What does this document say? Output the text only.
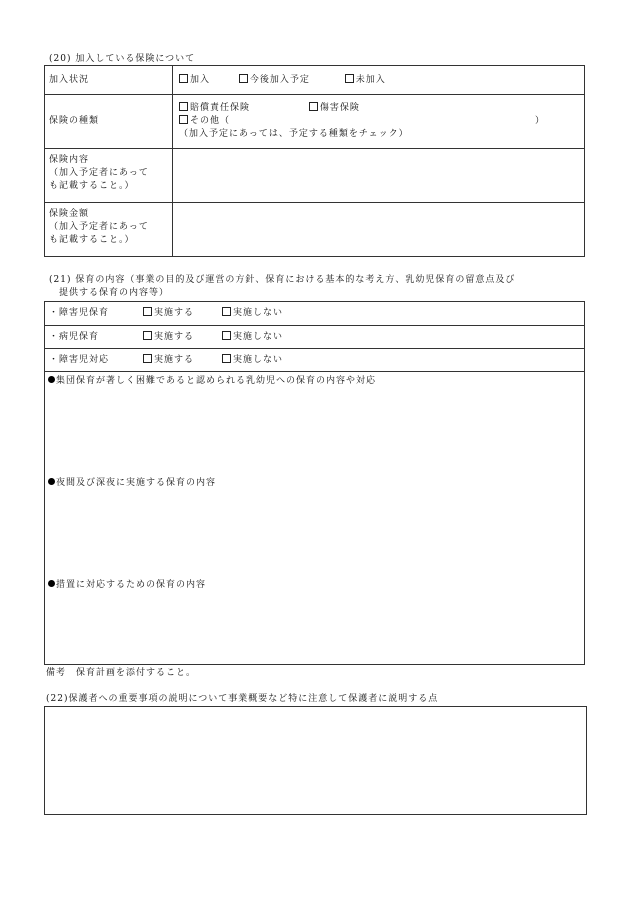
(20) 加入している保険について
加入状況	加入 今後加入予定 未加入
保険の種類	賠償責任保険 傷害保険
その他（ ）
（加入予定にあっては、予定する種類をチェック）

保険内容
（加入予定者にあって
も記載すること。）	

保険金額
（加入予定者にあって
も記載すること。）	

(21) 保育の内容（事業の目的及び運営の方針、保育における基本的な考え方、乳幼児保育の留意点及び
提供する保育の内容等）
・障害児保育	実施する	実施しない
・病児保育	実施する	実施しない
・障害児対応	実施する	実施しない
集団保育が著しく困難であると認められる乳幼児への保育の内容や対応
夜間及び深夜に実施する保育の内容
措置に対応するための保育の内容
備考　保育計画を添付すること。
(22)保護者への重要事項の説明について事業概要など特に注意して保護者に説明する点
